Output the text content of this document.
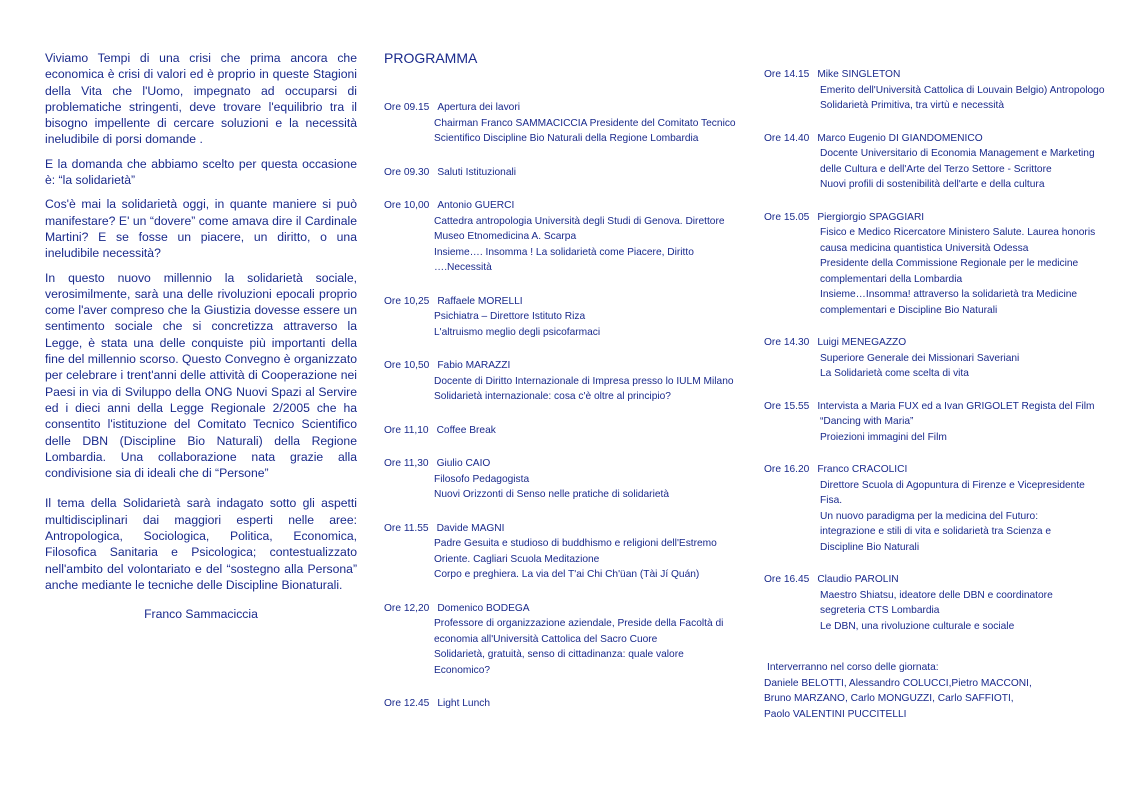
Viviamo Tempi di una crisi che prima ancora che economica è crisi di valori ed è proprio in queste Stagioni della Vita che l'Uomo, impegnato ad occuparsi di problematiche stringenti, deve trovare l'equilibrio tra il bisogno impellente di cercare soluzioni e la necessità ineludibile di porsi domande .

E la domanda che abbiamo scelto per questa occasione è: “la solidarietà”

Cos'è mai la solidarietà oggi, in quante maniere si può manifestare? E' un “dovere” come amava dire il Cardinale Martini? E se fosse un piacere, un diritto, o una ineludibile necessità?

In questo nuovo millennio la solidarietà sociale, verosimilmente, sarà una delle rivoluzioni epocali proprio come l'aver compreso che la Giustizia dovesse essere un sentimento sociale che si concretizza attraverso la Legge, è stata una delle conquiste più importanti della fine del millennio scorso. Questo Convegno è organizzato per celebrare i trent'anni delle attività di Cooperazione nei Paesi in via di Sviluppo della ONG Nuovi Spazi al Servire ed i dieci anni della Legge Regionale 2/2005 che ha consentito l'istituzione del Comitato Tecnico Scientifico delle DBN (Discipline Bio Naturali) della Regione Lombardia. Una collaborazione nata grazie alla condivisione sia di ideali che di “Persone”

Il tema della Solidarietà sarà indagato sotto gli aspetti multidisciplinari dai maggiori esperti nelle aree: Antropologica, Sociologica, Politica, Economica, Filosofica Sanitaria e Psicologica; contestualizzato nell'ambito del volontariato e del “sostegno alla Persona” anche mediante le tecniche delle Discipline Bionaturali.

Franco Sammaciccia
PROGRAMMA
Ore 09.15 Apertura dei lavori
Chairman Franco SAMMACICCIA Presidente del Comitato Tecnico
Scientifico Discipline Bio Naturali della Regione Lombardia
Ore 09.30 Saluti Istituzionali
Ore 10,00 Antonio GUERCI
Cattedra antropologia Università degli Studi di Genova. Direttore
Museo Etnomedicina A. Scarpa
Insieme…. Insomma ! La solidarietà come Piacere, Diritto
….Necessità
Ore 10,25 Raffaele MORELLI
Psichiatra – Direttore Istituto Riza
L'altruismo meglio degli psicofarmaci
Ore 10,50 Fabio MARAZZI
Docente di Diritto Internazionale di Impresa presso lo IULM Milano
Solidarietà internazionale: cosa c'è oltre al principio?
Ore 11,10 Coffee Break
Ore 11,30 Giulio CAIO
Filosofo Pedagogista
Nuovi Orizzonti di Senso nelle pratiche di solidarietà
Ore 11.55 Davide MAGNI
Padre Gesuita e studioso di buddhismo e religioni dell'Estremo
Oriente. Cagliari Scuola Meditazione
Corpo e preghiera. La via del T'ai Chi Ch'üan (Tài Jí Quán)
Ore 12,20 Domenico BODEGA
Professore di organizzazione aziendale, Preside della Facoltà di
economia all'Università Cattolica del Sacro Cuore
Solidarietà, gratuità, senso di cittadinanza: quale valore
Economico?
Ore 12.45 Light Lunch
Ore 14.15 Mike SINGLETON
Emerito dell'Università Cattolica di Louvain Belgio) Antropologo
Solidarietà Primitiva, tra virtù e necessità
Ore 14.40 Marco Eugenio DI GIANDOMENICO
Docente Universitario di Economia Management e Marketing
delle Cultura e dell'Arte del Terzo Settore - Scrittore
Nuovi profili di sostenibilità dell'arte e della cultura
Ore 15.05 Piergiorgio SPAGGIARI
Fisico e Medico Ricercatore Ministero Salute. Laurea honoris
causa medicina quantistica Università Odessa
Presidente della Commissione Regionale per le medicine
complementari della Lombardia
Insieme…Insomma! attraverso la solidarietà tra Medicine
complementari e Discipline Bio Naturali
Ore 14.30 Luigi MENEGAZZO
Superiore Generale dei Missionari Saveriani
La Solidarietà come scelta di vita
Ore 15.55 Intervista a Maria FUX ed a Ivan GRIGOLET Regista del Film
“Dancing with Maria”
Proiezioni immagini del Film
Ore 16.20 Franco CRACOLICI
Direttore Scuola di Agopuntura di Firenze e Vicepresidente
Fisa.
Un nuovo paradigma per la medicina del Futuro:
integrazione e stili di vita e solidarietà tra Scienza e
Discipline Bio Naturali
Ore 16.45 Claudio PAROLIN
Maestro Shiatsu, ideatore delle DBN e coordinatore
segreteria CTS Lombardia
Le DBN, una rivoluzione culturale e sociale
Interverranno nel corso delle giornata:
Daniele BELOTTI, Alessandro COLUCCI,Pietro MACCONI,
Bruno MARZANO, Carlo MONGUZZI, Carlo SAFFIOTI,
Paolo VALENTINI PUCCITELLI
